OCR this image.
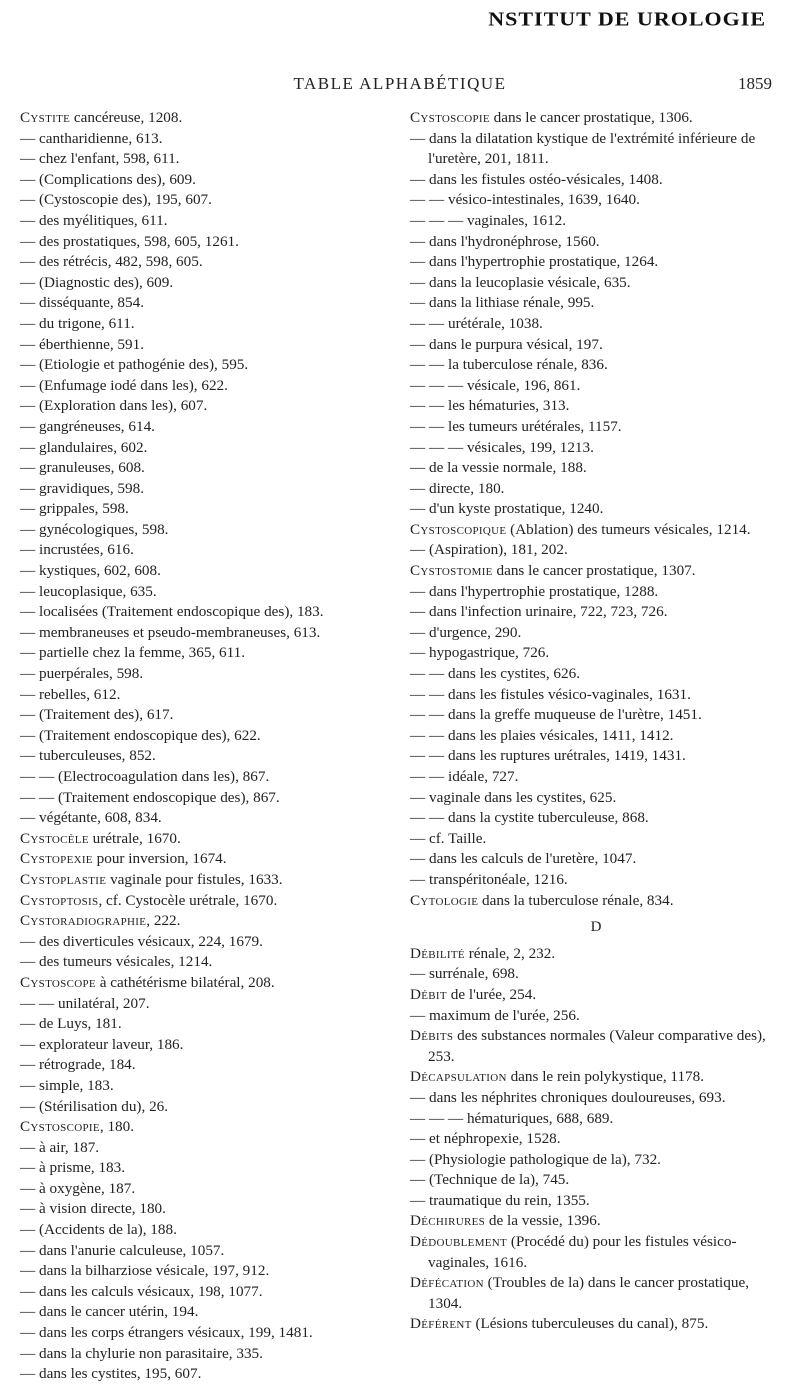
NSTITUT DE UROLOGIE
TABLE ALPHABÉTIQUE	1859

Cystite cancéreuse, 1208.

— cantharidienne, 613.

— chez l'enfant, 598, 611.

— (Complications des), 609.

— (Cystoscopie des), 195, 607.

— des myélitiques, 611.

— des prostatiques, 598, 605, 1261.

— des rétrécis, 482, 598, 605.

— (Diagnostic des), 609.

— disséquante, 854.

— du trigone, 611.

— éberthienne, 591.

— (Etiologie et pathogénie des), 595.

— (Enfumage iodé dans les), 622.

— (Exploration dans les), 607.

— gangréneuses, 614.

— glandulaires, 602.

— granuleuses, 608.

— gravidiques, 598.

— grippales, 598.

— gynécologiques, 598.

— incrustées, 616.

— kystiques, 602, 608.

— leucoplasique, 635.

— localisées (Traitement endoscopique des), 183.

— membraneuses et pseudo-membraneuses, 613.

— partielle chez la femme, 365, 611.

— puerpérales, 598.

— rebelles, 612.

— (Traitement des), 617.

— (Traitement endoscopique des), 622.

— tuberculeuses, 852.

— — (Electrocoagulation dans les), 867.

— — (Traitement endoscopique des), 867.

— végétante, 608, 834.

Cystocèle urétrale, 1670.

Cystopexie pour inversion, 1674.

Cystoplastie vaginale pour fistules, 1633.

Cystoptosis, cf. Cystocèle urétrale, 1670.

Cystoradiographie, 222.

— des diverticules vésicaux, 224, 1679.

— des tumeurs vésicales, 1214.

Cystoscope à cathétérisme bilatéral, 208.

— — unilatéral, 207.

— de Luys, 181.

— explorateur laveur, 186.

— rétrograde, 184.

— simple, 183.

— (Stérilisation du), 26.

Cystoscopie, 180.

— à air, 187.

— à prisme, 183.

— à oxygène, 187.

— à vision directe, 180.

— (Accidents de la), 188.

— dans l'anurie calculeuse, 1057.

— dans la bilharziose vésicale, 197, 912.

— dans les calculs vésicaux, 198, 1077.

— dans le cancer utérin, 194.

— dans les corps étrangers vésicaux, 199, 1481.

— dans la chylurie non parasitaire, 335.

— dans les cystites, 195, 607.

Cystoscopie dans le cancer prostatique, 1306.

— dans la dilatation kystique de l'extrémité inférieure de l'uretère, 201, 1811.

— dans les fistules ostéo-vésicales, 1408.

— — vésico-intestinales, 1639, 1640.

— — — vaginales, 1612.

— dans l'hydronéphrose, 1560.

— dans l'hypertrophie prostatique, 1264.

— dans la leucoplasie vésicale, 635.

— dans la lithiase rénale, 995.

— — urétérale, 1038.

— dans le purpura vésical, 197.

— — la tuberculose rénale, 836.

— — — vésicale, 196, 861.

— — les hématuries, 313.

— — les tumeurs urétérales, 1157.

— — — vésicales, 199, 1213.

— de la vessie normale, 188.

— directe, 180.

— d'un kyste prostatique, 1240.

Cystoscopique (Ablation) des tumeurs vésicales, 1214.

— (Aspiration), 181, 202.

Cystostomie dans le cancer prostatique, 1307.

— dans l'hypertrophie prostatique, 1288.

— dans l'infection urinaire, 722, 723, 726.

— d'urgence, 290.

— hypogastrique, 726.

— — dans les cystites, 626.

— — dans les fistules vésico-vaginales, 1631.

— — dans la greffe muqueuse de l'urètre, 1451.

— — dans les plaies vésicales, 1411, 1412.

— — dans les ruptures urétrales, 1419, 1431.

— — idéale, 727.

— vaginale dans les cystites, 625.

— — dans la cystite tuberculeuse, 868.

— cf. Taille.

— dans les calculs de l'uretère, 1047.

— transpéritonéale, 1216.

Cytologie dans la tuberculose rénale, 834.

D

Débilité rénale, 2, 232.

— surrénale, 698.

Débit de l'urée, 254.

— maximum de l'urée, 256.

Débits des substances normales (Valeur comparative des), 253.

Décapsulation dans le rein polykystique, 1178.

— dans les néphrites chroniques douloureuses, 693.

— — — hématuriques, 688, 689.

— et néphropexie, 1528.

— (Physiologie pathologique de la), 732.

— (Technique de la), 745.

— traumatique du rein, 1355.

Déchirures de la vessie, 1396.

Dédoublement (Procédé du) pour les fistules vésico-vaginales, 1616.

Défécation (Troubles de la) dans le cancer prostatique, 1304.

Déférent (Lésions tuberculeuses du canal), 875.
